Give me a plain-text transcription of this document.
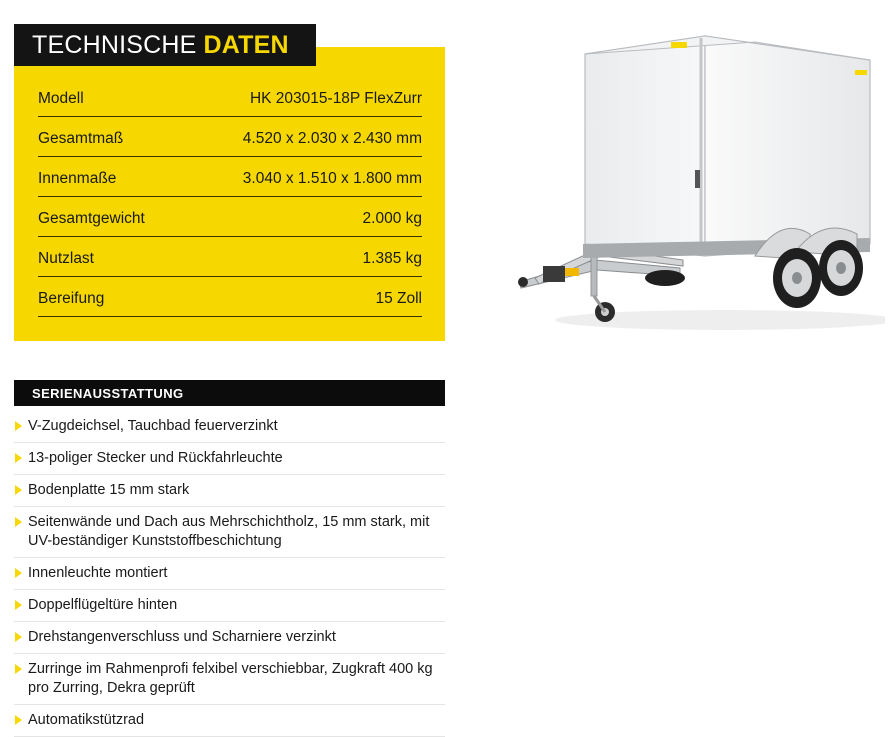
Modell	HK 203015-18P FlexZurr
Gesamtmaß	4.520 x 2.030 x 2.430 mm
Innenmaße	3.040 x 1.510 x 1.800 mm
Gesamtgewicht	2.000 kg
Nutzlast	1.385 kg
Bereifung	15 Zoll
TECHNISCHE DATEN
SERIENAUSSTATTUNG
V-Zugdeichsel, Tauchbad feuerverzinkt
13-poliger Stecker und Rückfahrleuchte
Bodenplatte 15 mm stark
Seitenwände und Dach aus Mehrschichtholz, 15 mm stark, mit UV-beständiger Kunststoffbeschichtung
Innenleuchte montiert
Doppelflügeltüre hinten
Drehstangenverschluss und Scharniere verzinkt
Zurringe im Rahmenprofi felxibel verschiebbar, Zugkraft 400 kg pro Zurring, Dekra geprüft
Automatikstützrad
